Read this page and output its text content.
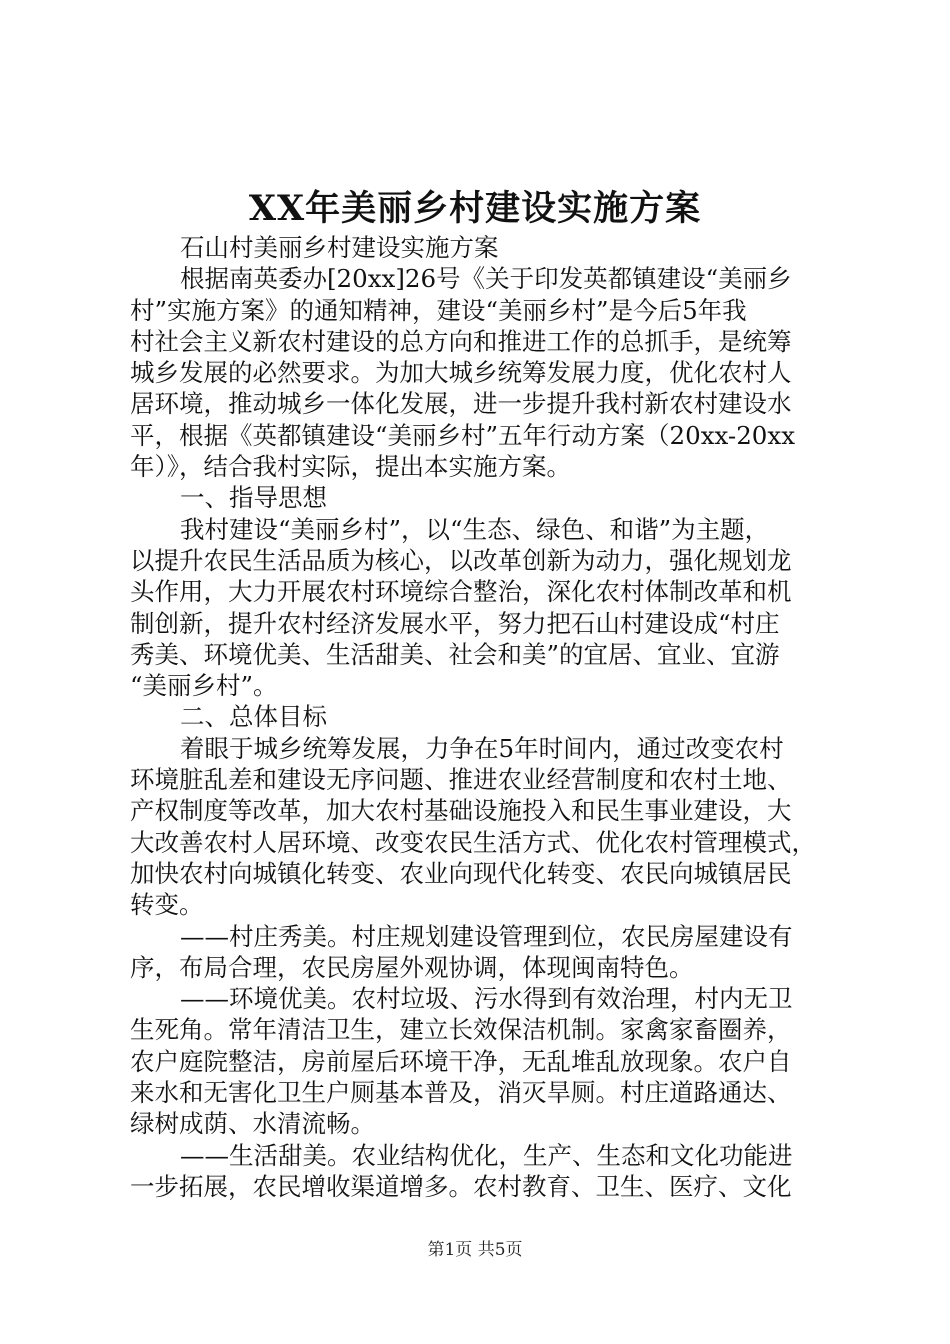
XX年美丽乡村建设实施方案
石山村美丽乡村建设实施方案
根据南英委办[20xx]26号《关于印发英都镇建设“美丽乡
村”实施方案》的通知精神，建设“美丽乡村”是今后5年我
村社会主义新农村建设的总方向和推进工作的总抓手，是统筹
城乡发展的必然要求。为加大城乡统筹发展力度，优化农村人
居环境，推动城乡一体化发展，进一步提升我村新农村建设水
平，根据《英都镇建设“美丽乡村”五年行动方案（20xx-20xx
年）》，结合我村实际，提出本实施方案。
一、指导思想
我村建设“美丽乡村”，以“生态、绿色、和谐”为主题，
以提升农民生活品质为核心，以改革创新为动力，强化规划龙
头作用，大力开展农村环境综合整治，深化农村体制改革和机
制创新，提升农村经济发展水平，努力把石山村建设成“村庄
秀美、环境优美、生活甜美、社会和美”的宜居、宜业、宜游
“美丽乡村”。
二、总体目标
着眼于城乡统筹发展，力争在5年时间内，通过改变农村
环境脏乱差和建设无序问题、推进农业经营制度和农村土地、
产权制度等改革，加大农村基础设施投入和民生事业建设，大
大改善农村人居环境、改变农民生活方式、优化农村管理模式，
加快农村向城镇化转变、农业向现代化转变、农民向城镇居民
转变。
——村庄秀美。村庄规划建设管理到位，农民房屋建设有
序，布局合理，农民房屋外观协调，体现闽南特色。
——环境优美。农村垃圾、污水得到有效治理，村内无卫
生死角。常年清洁卫生，建立长效保洁机制。家禽家畜圈养，
农户庭院整洁，房前屋后环境干净，无乱堆乱放现象。农户自
来水和无害化卫生户厕基本普及，消灭旱厕。村庄道路通达、
绿树成荫、水清流畅。
——生活甜美。农业结构优化，生产、生态和文化功能进
一步拓展，农民增收渠道增多。农村教育、卫生、医疗、文化
第1页 共5页
